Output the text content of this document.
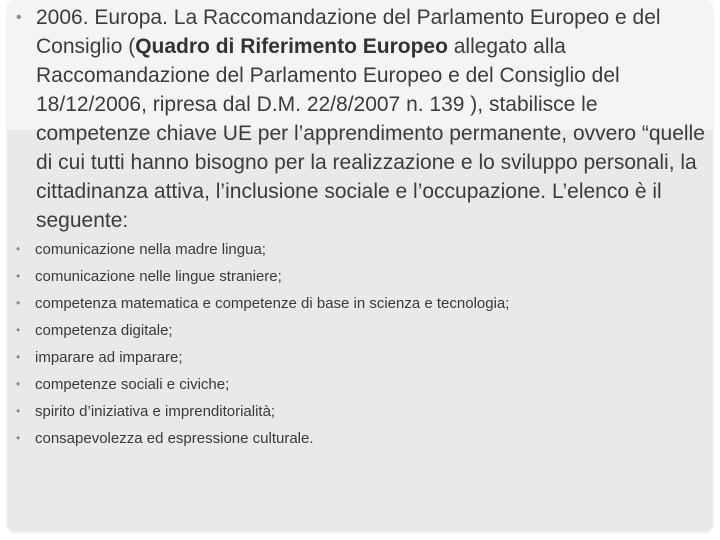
• 2006. Europa. La Raccomandazione del Parlamento Europeo e del Consiglio (Quadro di Riferimento Europeo allegato alla Raccomandazione del Parlamento Europeo e del Consiglio del 18/12/2006, ripresa dal D.M. 22/8/2007 n. 139 ), stabilisce le competenze chiave UE per l’apprendimento permanente, ovvero “quelle di cui tutti hanno bisogno per la realizzazione e lo sviluppo personali, la cittadinanza attiva, l’inclusione sociale e l’occupazione. L’elenco è il seguente:
• comunicazione nella madre lingua;
• comunicazione nelle lingue straniere;
• competenza matematica e competenze di base in scienza e tecnologia;
• competenza digitale;
• imparare ad imparare;
• competenze sociali e civiche;
• spirito d’iniziativa e imprenditorialità;
• consapevolezza ed espressione culturale.
